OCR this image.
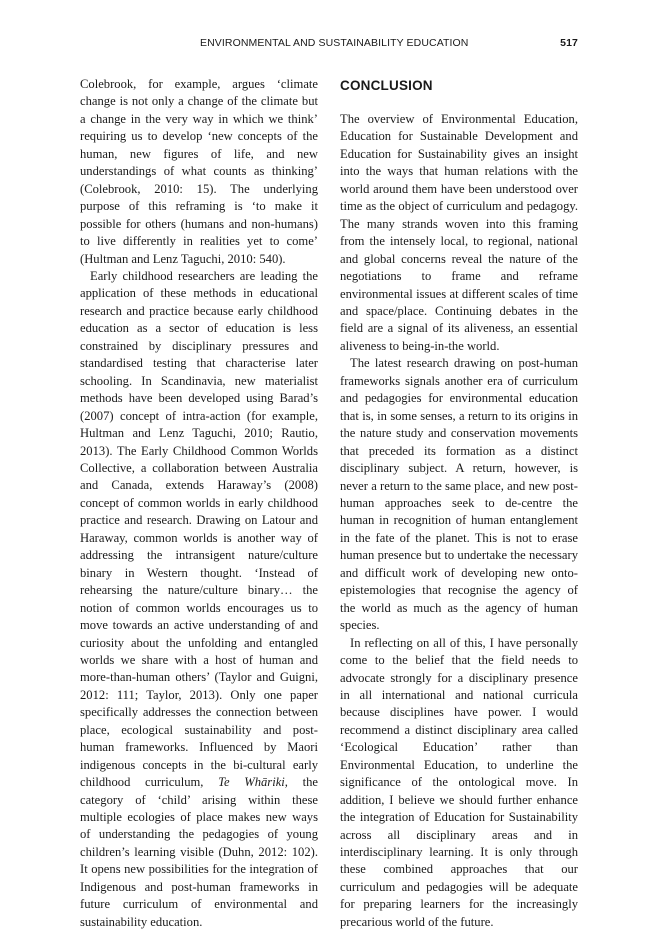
ENVIRONMENTAL AND SUSTAINABILITY EDUCATION	517

Colebrook, for example, argues ‘climate change is not only a change of the climate but a change in the very way in which we think’ requiring us to develop ‘new concepts of the human, new figures of life, and new understandings of what counts as thinking’ (Colebrook, 2010: 15). The underlying purpose of this reframing is ‘to make it possible for others (humans and non-humans) to live differently in realities yet to come’ (Hultman and Lenz Taguchi, 2010: 540).

Early childhood researchers are leading the application of these methods in educational research and practice because early childhood education as a sector of education is less constrained by disciplinary pressures and standardised testing that characterise later schooling. In Scandinavia, new materialist methods have been developed using Barad’s (2007) concept of intra-action (for example, Hultman and Lenz Taguchi, 2010; Rautio, 2013). The Early Childhood Common Worlds Collective, a collaboration between Australia and Canada, extends Haraway’s (2008) concept of common worlds in early childhood practice and research. Drawing on Latour and Haraway, common worlds is another way of addressing the intransigent nature/culture binary in Western thought. ‘Instead of rehearsing the nature/culture binary… the notion of common worlds encourages us to move towards an active understanding of and curiosity about the unfolding and entangled worlds we share with a host of human and more-than-human others’ (Taylor and Guigni, 2012: 111; Taylor, 2013). Only one paper specifically addresses the connection between place, ecological sustainability and post-human frameworks. Influenced by Maori indigenous concepts in the bi-cultural early childhood curriculum, Te Whāriki, the category of ‘child’ arising within these multiple ecologies of place makes new ways of understanding the pedagogies of young children’s learning visible (Duhn, 2012: 102). It opens new possibilities for the integration of Indigenous and post-human frameworks in future curriculum of environmental and sustainability education.

CONCLUSION

The overview of Environmental Education, Education for Sustainable Development and Education for Sustainability gives an insight into the ways that human relations with the world around them have been understood over time as the object of curriculum and pedagogy. The many strands woven into this framing from the intensely local, to regional, national and global concerns reveal the nature of the negotiations to frame and reframe environmental issues at different scales of time and space/place. Continuing debates in the field are a signal of its aliveness, an essential aliveness to being-in-the world.

The latest research drawing on post-human frameworks signals another era of curriculum and pedagogies for environmental education that is, in some senses, a return to its origins in the nature study and conservation movements that preceded its formation as a distinct disciplinary subject. A return, however, is never a return to the same place, and new post-human approaches seek to de-centre the human in recognition of human entanglement in the fate of the planet. This is not to erase human presence but to undertake the necessary and difficult work of developing new onto-epistemologies that recognise the agency of the world as much as the agency of human species.

In reflecting on all of this, I have personally come to the belief that the field needs to advocate strongly for a disciplinary presence in all international and national curricula because disciplines have power. I would recommend a distinct disciplinary area called ‘Ecological Education’ rather than Environmental Education, to underline the significance of the ontological move. In addition, I believe we should further enhance the integration of Education for Sustainability across all disciplinary areas and in interdisciplinary learning. It is only through these combined approaches that our curriculum and pedagogies will be adequate for preparing learners for the increasingly precarious world of the future.
